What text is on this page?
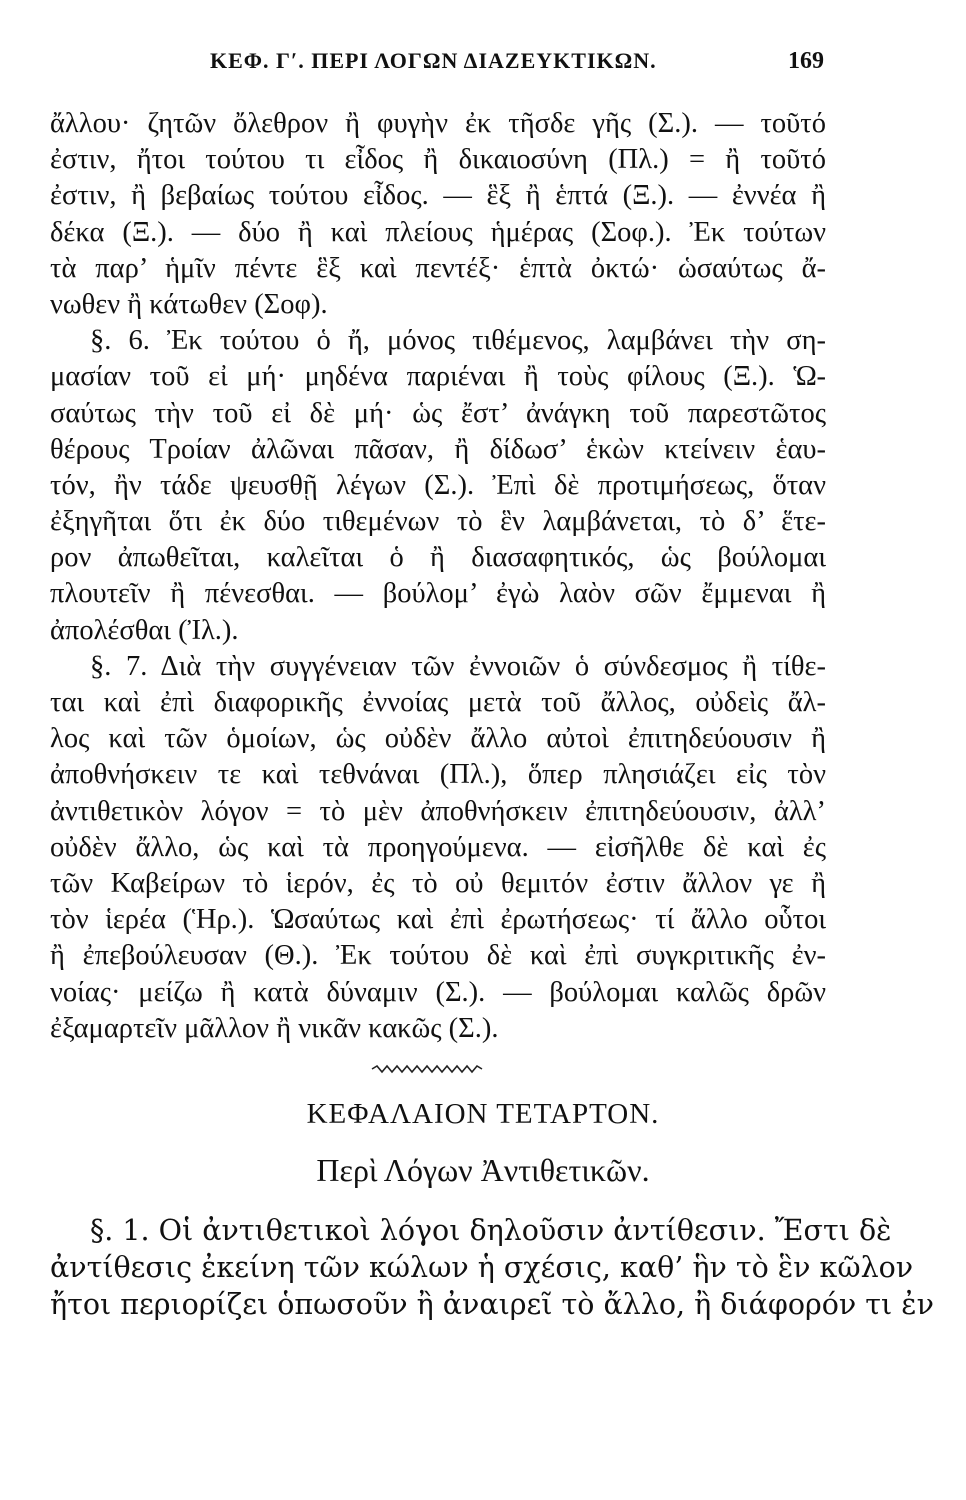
ΚΕΦ. Γʹ. ΠΕΡΙ ΛΟΓΩΝ ΔΙΑΖΕΥΚΤΙΚΩΝ.	169
ἄλλου· ζητῶν ὄλεθρον ἢ φυγὴν ἐκ τῆσδε γῆς (Σ.). — τοῦτό
ἐστιν, ἤτοι τούτου τι εἶδος ἢ δικαιοσύνη (Πλ.) = ἢ τοῦτό
ἐστιν, ἢ βεβαίως τούτου εἶδος. — ἓξ ἢ ἑπτά (Ξ.). — ἐννέα ἢ
δέκα (Ξ.). — δύο ἢ καὶ πλείους ἡμέρας (Σοφ.). Ἐκ τούτων
τὰ παρ’ ἡμῖν πέντε ἓξ καὶ πεντέξ· ἑπτὰ ὀκτώ· ὡσαύτως ἄ-
νωθεν ἢ κάτωθεν (Σοφ).
§. 6. Ἐκ τούτου ὁ ἤ, μόνος τιθέμενος, λαμβάνει τὴν ση-
μασίαν τοῦ εἰ μή· μηδένα παριέναι ἢ τοὺς φίλους (Ξ.). Ὡ-
σαύτως τὴν τοῦ εἰ δὲ μή· ὡς ἔστ’ ἀνάγκη τοῦ παρεστῶτος
θέρους Τροίαν ἀλῶναι πᾶσαν, ἢ δίδωσ’ ἑκὼν κτείνειν ἑαυ-
τόν, ἢν τάδε ψευσθῇ λέγων (Σ.). Ἐπὶ δὲ προτιμήσεως, ὅταν
ἐξηγῆται ὅτι ἐκ δύο τιθεμένων τὸ ἓν λαμβάνεται, τὸ δ’ ἕτε-
ρον ἀπωθεῖται, καλεῖται ὁ ἢ διασαφητικός, ὡς βούλομαι
πλουτεῖν ἢ πένεσθαι. — βούλομ’ ἐγὼ λαὸν σῶν ἔμμεναι ἢ
ἀπολέσθαι (Ἰλ.).
§. 7. Διὰ τὴν συγγένειαν τῶν ἐννοιῶν ὁ σύνδεσμος ἢ τίθε-
ται καὶ ἐπὶ διαφορικῆς ἐννοίας μετὰ τοῦ ἄλλος, οὐδεὶς ἄλ-
λος καὶ τῶν ὁμοίων, ὡς οὐδὲν ἄλλο αὐτοὶ ἐπιτηδεύουσιν ἢ
ἀποθνήσκειν τε καὶ τεθνάναι (Πλ.), ὅπερ πλησιάζει εἰς τὸν
ἀντιθετικὸν λόγον = τὸ μὲν ἀποθνήσκειν ἐπιτηδεύουσιν, ἀλλ’
οὐδὲν ἄλλο, ὡς καὶ τὰ προηγούμενα. — εἰσῆλθε δὲ καὶ ἐς
τῶν Καβείρων τὸ ἱερόν, ἐς τὸ οὐ θεμιτόν ἐστιν ἄλλον γε ἢ
τὸν ἱερέα (Ἡρ.). Ὡσαύτως καὶ ἐπὶ ἐρωτήσεως· τί ἄλλο οὗτοι
ἢ ἐπεβούλευσαν (Θ.). Ἐκ τούτου δὲ καὶ ἐπὶ συγκριτικῆς ἐν-
νοίας· μείζω ἢ κατὰ δύναμιν (Σ.). — βούλομαι καλῶς δρῶν
ἐξαμαρτεῖν μᾶλλον ἢ νικᾶν κακῶς (Σ.).
ΚΕΦΑΛΑΙΟΝ ΤΕΤΑΡΤΟΝ.
Περὶ Λόγων Ἀντιθετικῶν.
§. 1. Οἱ ἀντιθετικοὶ λόγοι δηλοῦσιν ἀντίθεσιν. Ἔστι δὲ
ἀντίθεσις ἐκείνη τῶν κώλων ἡ σχέσις, καθ’ ἣν τὸ ἓν κῶλον
ἤτοι περιορίζει ὁπωσοῦν ἢ ἀναιρεῖ τὸ ἄλλο, ἢ διάφορόν τι ἐν
